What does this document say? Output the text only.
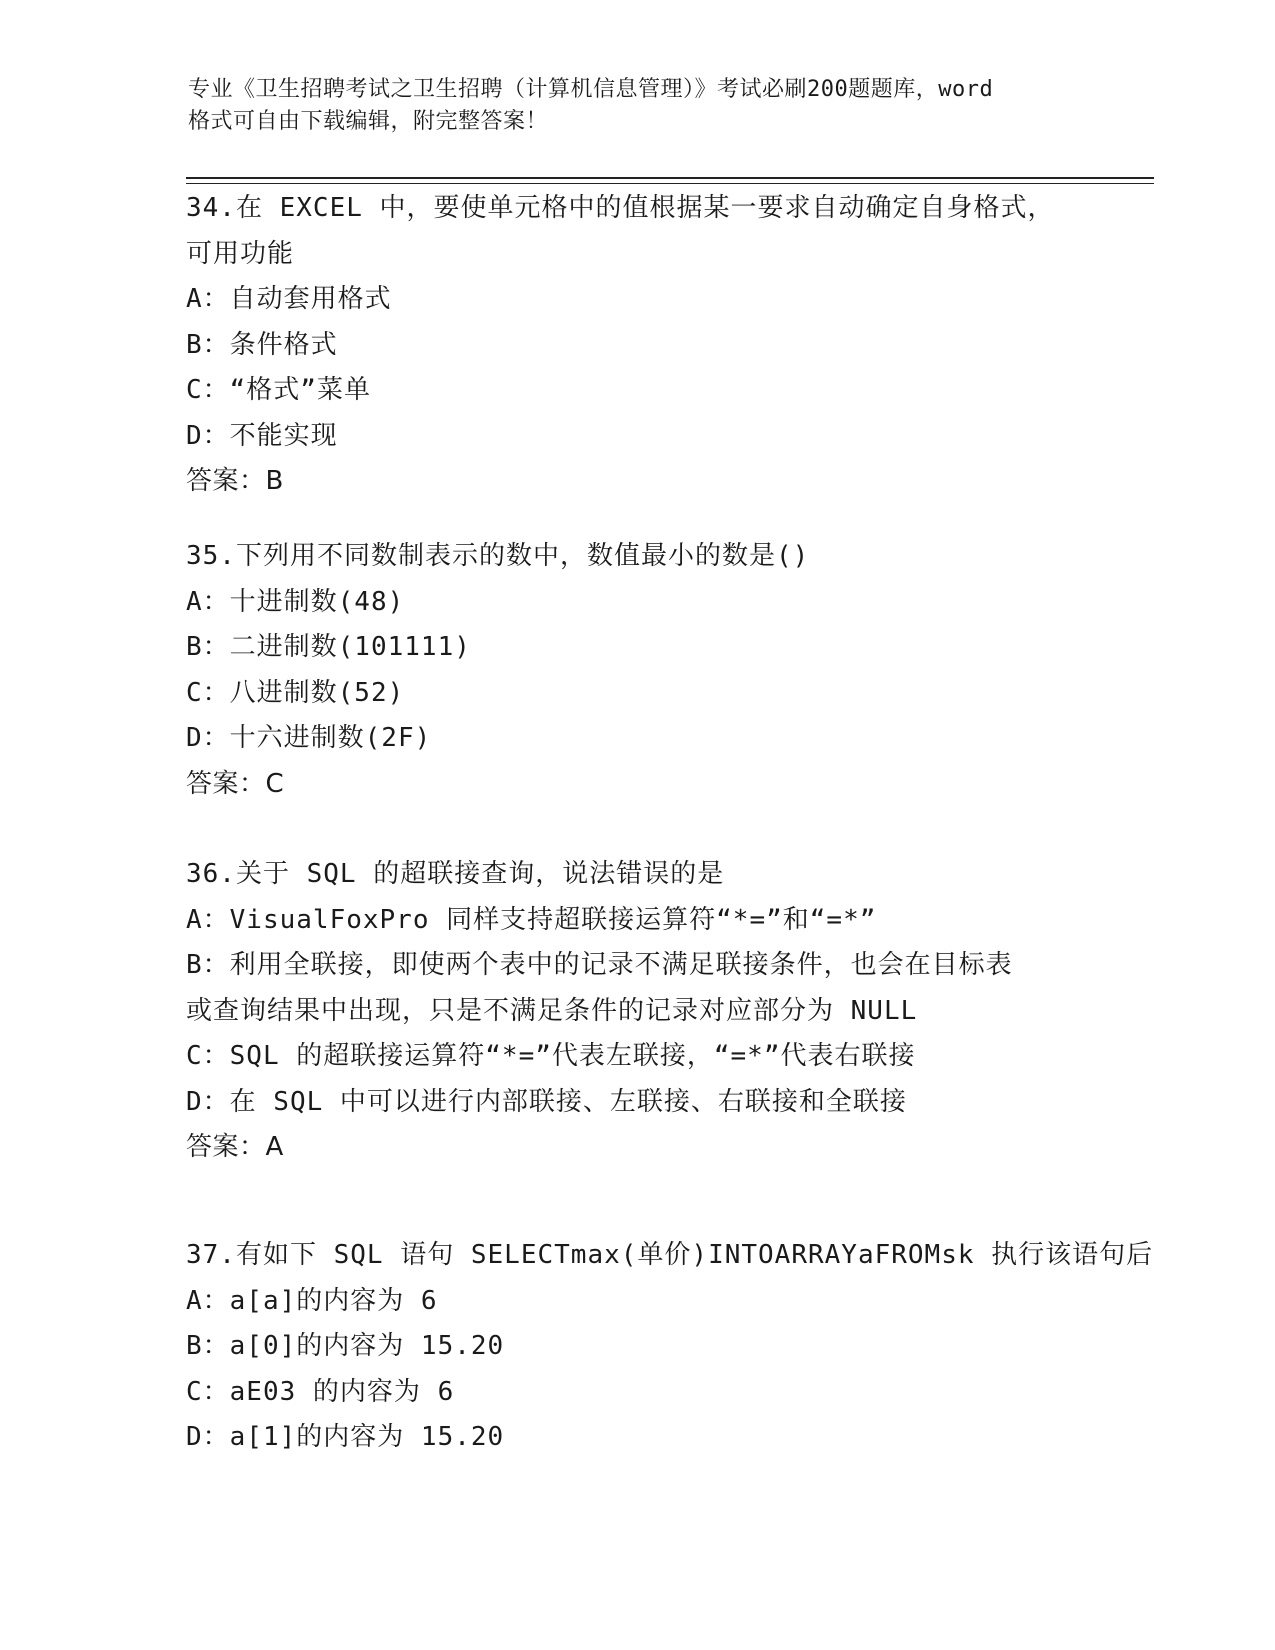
专业《卫生招聘考试之卫生招聘（计算机信息管理）》考试必刷200题题库，word
格式可自由下载编辑，附完整答案！
34.在 EXCEL 中，要使单元格中的值根据某一要求自动确定自身格式，
可用功能
A：自动套用格式
B：条件格式
C：“格式”菜单
D：不能实现
答案：B
35.下列用不同数制表示的数中，数值最小的数是()
A：十进制数(48)
B：二进制数(101111)
C：八进制数(52)
D：十六进制数(2F)
答案：C
36.关于 SQL 的超联接查询，说法错误的是
A：VisualFoxPro 同样支持超联接运算符“*=”和“=*”
B：利用全联接，即使两个表中的记录不满足联接条件，也会在目标表
或查询结果中出现，只是不满足条件的记录对应部分为 NULL
C：SQL 的超联接运算符“*=”代表左联接，“=*”代表右联接
D：在 SQL 中可以进行内部联接、左联接、右联接和全联接
答案：A
37.有如下 SQL 语句 SELECTmax(单价)INTOARRAYaFROMsk 执行该语句后
A：a[a]的内容为 6
B：a[0]的内容为 15.20
C：aE03 的内容为 6
D：a[1]的内容为 15.20
